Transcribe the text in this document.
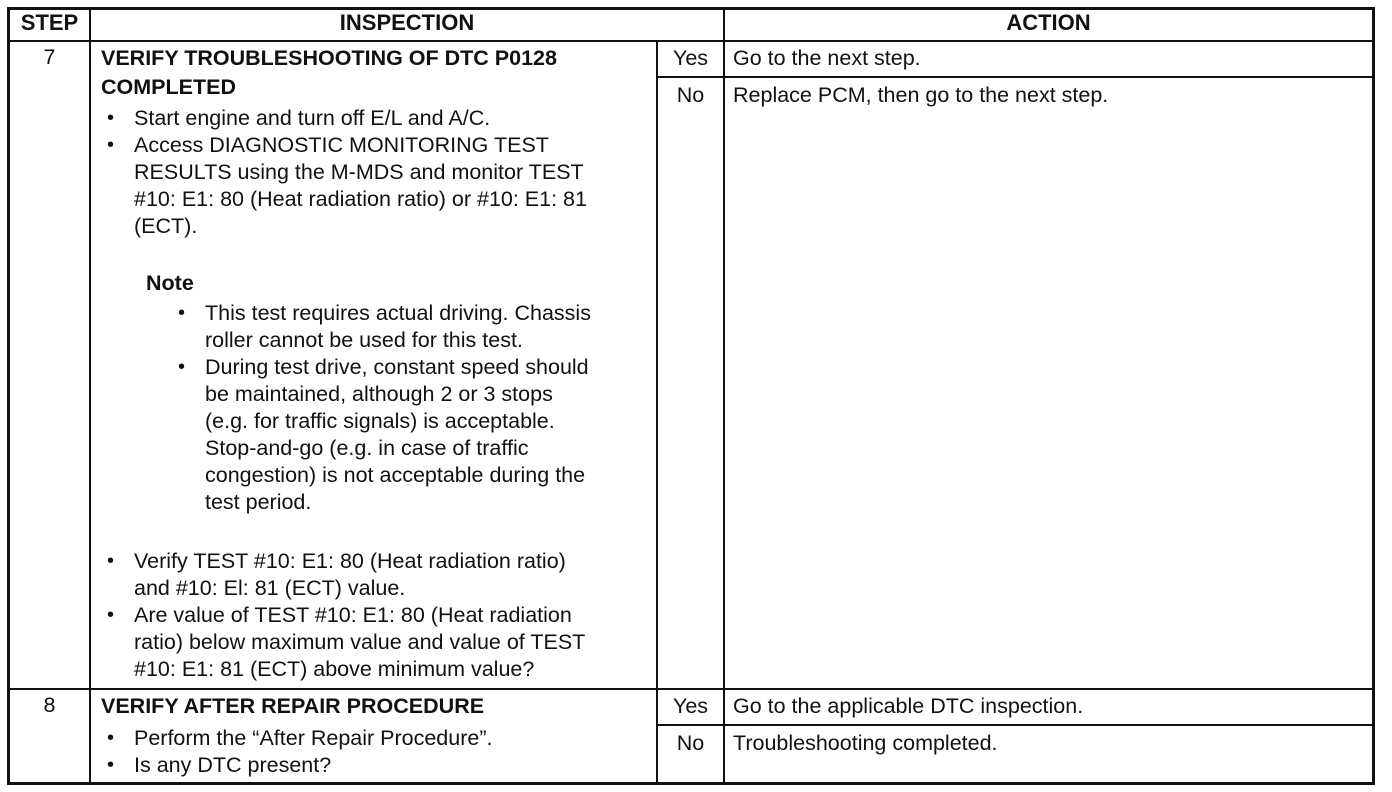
STEP	INSPECTION	ACTION
7	VERIFY TROUBLESHOOTING OF DTC P0128
COMPLETED
• Start engine and turn off E/L and A/C.
• Access DIAGNOSTIC MONITORING TEST
RESULTS using the M-MDS and monitor TEST
#10: E1: 80 (Heat radiation ratio) or #10: E1: 81
(ECT).
Note
• This test requires actual driving. Chassis
roller cannot be used for this test.
• During test drive, constant speed should
be maintained, although 2 or 3 stops
(e.g. for traffic signals) is acceptable.
Stop-and-go (e.g. in case of traffic
congestion) is not acceptable during the
test period.
• Verify TEST #10: E1: 80 (Heat radiation ratio)
and #10: El: 81 (ECT) value.
• Are value of TEST #10: E1: 80 (Heat radiation
ratio) below maximum value and value of TEST
#10: E1: 81 (ECT) above minimum value?
Yes	Go to the next step.
No	Replace PCM, then go to the next step.
8	VERIFY AFTER REPAIR PROCEDURE
• Perform the “After Repair Procedure”.
• Is any DTC present?
Yes	Go to the applicable DTC inspection.
No	Troubleshooting completed.
